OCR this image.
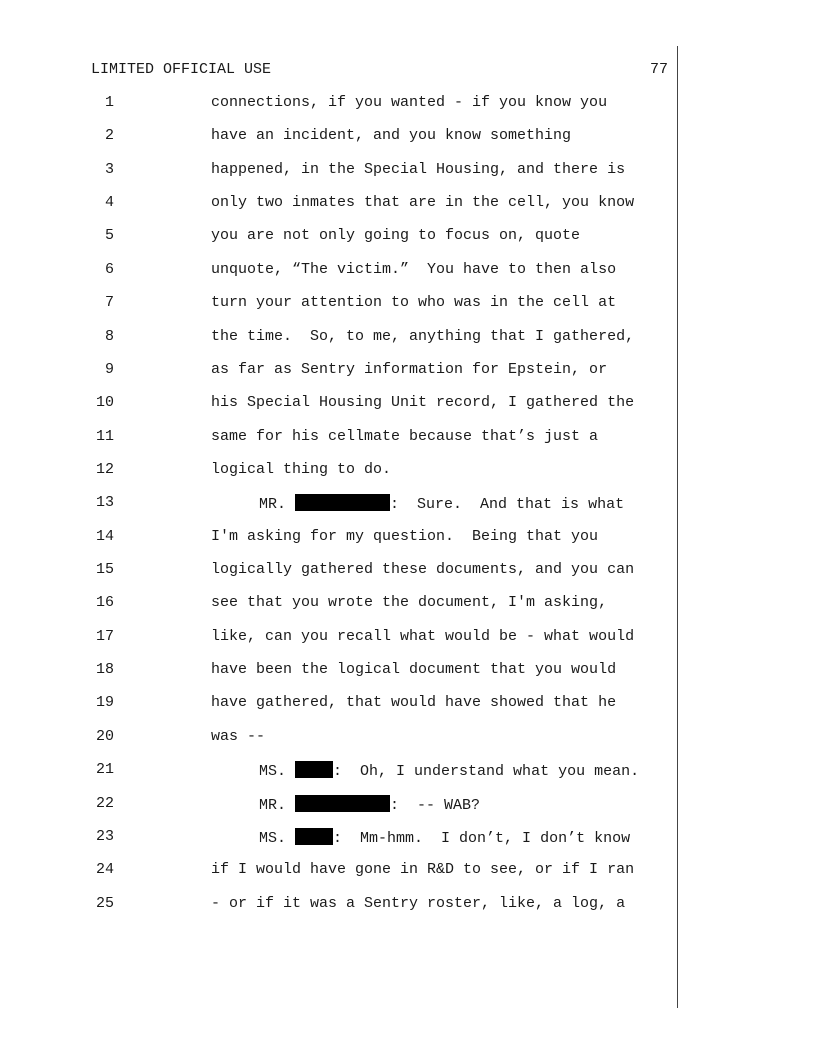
LIMITED OFFICIAL USE	77

1

	connections, if you wanted - if you know you

2

	have an incident, and you know something

3

	happened, in the Special Housing, and there is

4

	only two inmates that are in the cell, you know

5

	you are not only going to focus on, quote

6

	unquote, “The victim.”  You have to then also

7

	turn your attention to who was in the cell at

8

	the time.  So, to me, anything that I gathered,

9

	as far as Sentry information for Epstein, or

10

	his Special Housing Unit record, I gathered the

11

	same for his cellmate because that’s just a

12

	logical thing to do.

13

	MR.	:  Sure.  And that is what

14

	I'm asking for my question.  Being that you

15

	logically gathered these documents, and you can

16

	see that you wrote the document, I'm asking,

17

	like, can you recall what would be - what would

18

	have been the logical document that you would

19

	have gathered, that would have showed that he

20

	was --

21

	MS.	:  Oh, I understand what you mean.

22

	MR.	:  -- WAB?

23

	MS.	:  Mm-hmm.  I don’t, I don’t know

24

	if I would have gone in R&D to see, or if I ran

25

	- or if it was a Sentry roster, like, a log, a
